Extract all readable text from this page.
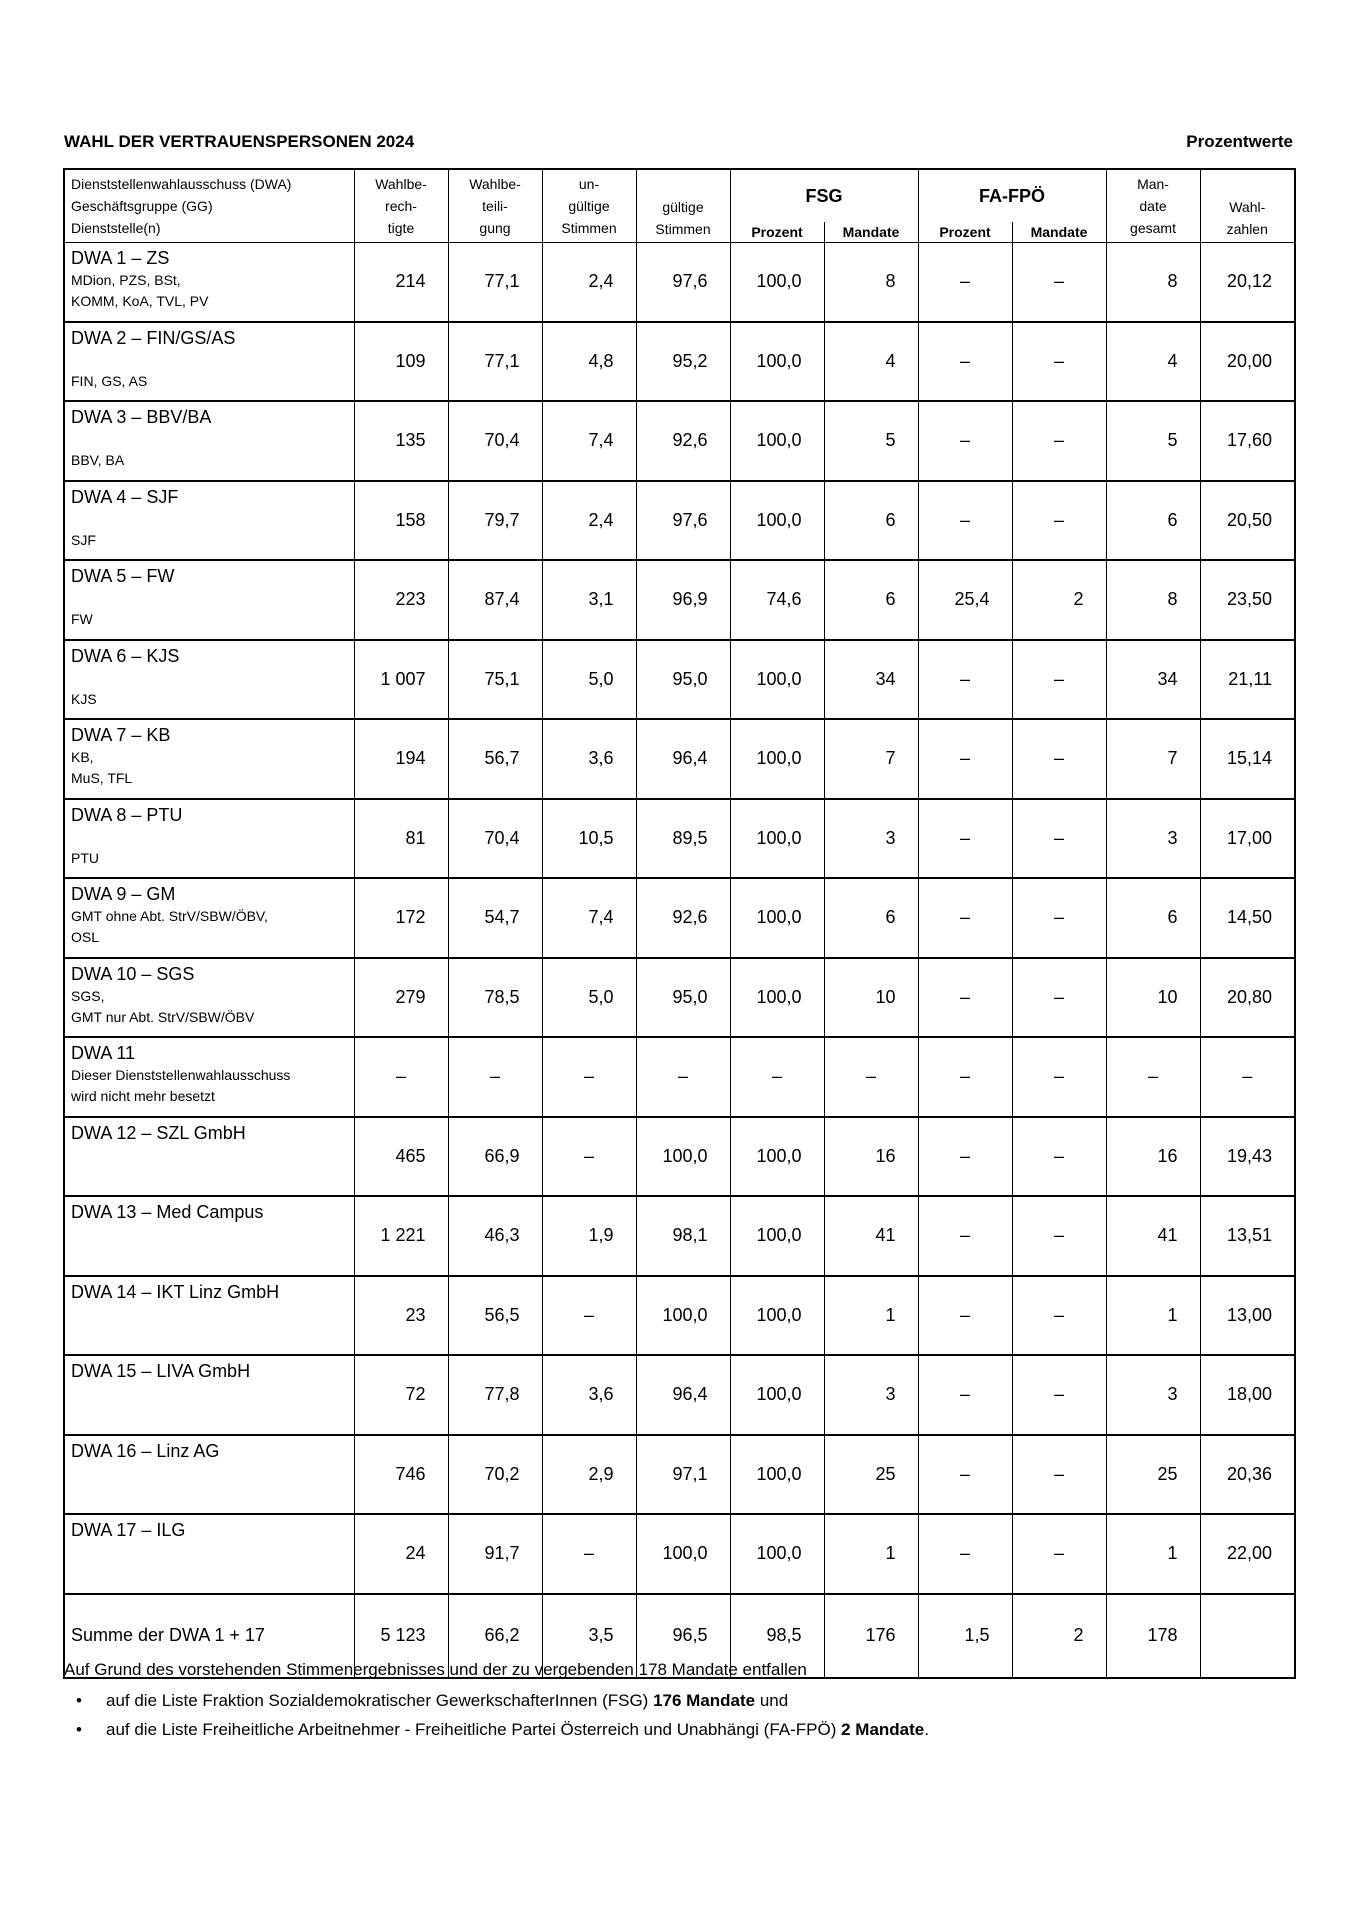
WAHL DER VERTRAUENSPERSONEN 2024	Prozentwerte
Dienststellenwahlausschuss (DWA)
Geschäftsgruppe (GG)
Dienststelle(n)	Wahlbe-
rech-
tigte	Wahlbe-
teili-
gung	un-
gültige
Stimmen	gültige
Stimmen	FSG		FA-FPÖ		Man-
date
gesamt	Wahl-
zahlen
					Prozent	Mandate	Prozent	Mandate		

DWA 1 – ZS
MDion, PZS, BSt,
KOMM, KoA, TVL, PV	214	77,1	2,4	97,6	100,0	8	–	–	8	20,12

DWA 2 – FIN/GS/AS
FIN, GS, AS	109	77,1	4,8	95,2	100,0	4	–	–	4	20,00

DWA 3 – BBV/BA
BBV, BA	135	70,4	7,4	92,6	100,0	5	–	–	5	17,60

DWA 4 – SJF
SJF	158	79,7	2,4	97,6	100,0	6	–	–	6	20,50

DWA 5 – FW
FW	223	87,4	3,1	96,9	74,6	6	25,4	2	8	23,50

DWA 6 – KJS
KJS	1 007	75,1	5,0	95,0	100,0	34	–	–	34	21,11

DWA 7 – KB
KB,
MuS, TFL	194	56,7	3,6	96,4	100,0	7	–	–	7	15,14

DWA 8 – PTU
PTU	81	70,4	10,5	89,5	100,0	3	–	–	3	17,00

DWA 9 – GM
GMT ohne Abt. StrV/SBW/ÖBV,
OSL	172	54,7	7,4	92,6	100,0	6	–	–	6	14,50

DWA 10 – SGS
SGS,
GMT nur Abt. StrV/SBW/ÖBV	279	78,5	5,0	95,0	100,0	10	–	–	10	20,80

DWA 11
Dieser Dienststellenwahlausschuss
wird nicht mehr besetzt	–	–	–	–	–	–	–	–	–	–

DWA 12 – SZL GmbH	465	66,9	–	100,0	100,0	16	–	–	16	19,43

DWA 13 – Med Campus	1 221	46,3	1,9	98,1	100,0	41	–	–	41	13,51

DWA 14 – IKT Linz GmbH	23	56,5	–	100,0	100,0	1	–	–	1	13,00

DWA 15 – LIVA GmbH	72	77,8	3,6	96,4	100,0	3	–	–	3	18,00

DWA 16 – Linz AG	746	70,2	2,9	97,1	100,0	25	–	–	25	20,36

DWA 17 – ILG	24	91,7	–	100,0	100,0	1	–	–	1	22,00
Summe der DWA 1 + 17	5 123	66,2	3,5	96,5	98,5	176	1,5	2	178	

Auf Grund des vorstehenden Stimmenergebnisses und der zu vergebenden 178 Mandate entfallen

• auf die Liste Fraktion Sozialdemokratischer GewerkschafterInnen (FSG) 176 Mandate und
• auf die Liste Freiheitliche Arbeitnehmer - Freiheitliche Partei Österreich und Unabhängi (FA-FPÖ) 2 Mandate.
